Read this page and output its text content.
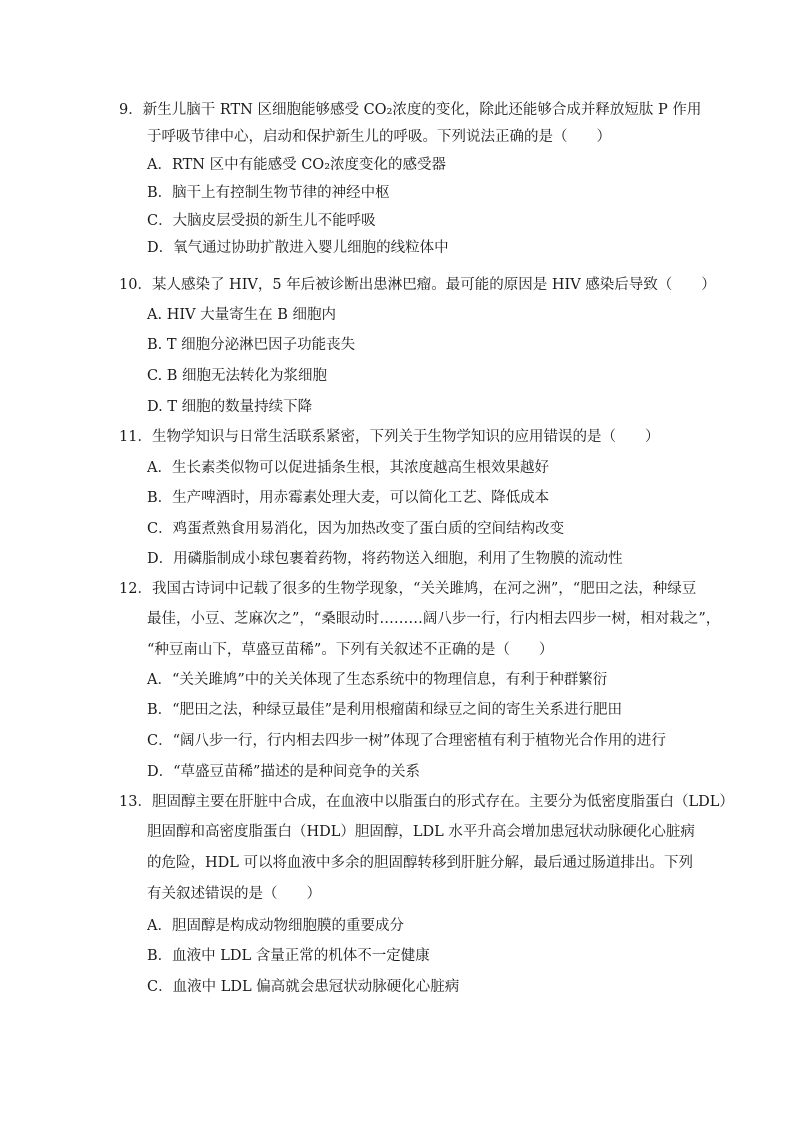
9．新生儿脑干 RTN 区细胞能够感受 CO₂浓度的变化，除此还能够合成并释放短肽 P 作用
于呼吸节律中心，启动和保护新生儿的呼吸。下列说法正确的是（　　）
A．RTN 区中有能感受 CO₂浓度变化的感受器
B．脑干上有控制生物节律的神经中枢
C．大脑皮层受损的新生儿不能呼吸
D．氧气通过协助扩散进入婴儿细胞的线粒体中
10．某人感染了 HIV，5 年后被诊断出患淋巴瘤。最可能的原因是 HIV 感染后导致（　　）
A. HIV 大量寄生在 B 细胞内
B. T 细胞分泌淋巴因子功能丧失
C. B 细胞无法转化为浆细胞
D. T 细胞的数量持续下降
11．生物学知识与日常生活联系紧密，下列关于生物学知识的应用错误的是（　　）
A．生长素类似物可以促进插条生根，其浓度越高生根效果越好
B．生产啤酒时，用赤霉素处理大麦，可以简化工艺、降低成本
C．鸡蛋煮熟食用易消化，因为加热改变了蛋白质的空间结构改变
D．用磷脂制成小球包裹着药物，将药物送入细胞，利用了生物膜的流动性
12．我国古诗词中记载了很多的生物学现象，“关关雎鸠，在河之洲”，“肥田之法，种绿豆
最佳，小豆、芝麻次之”，“桑眼动时………阔八步一行，行内相去四步一树，相对栽之”，
“种豆南山下，草盛豆苗稀”。下列有关叙述不正确的是（　　）
A．“关关雎鸠”中的关关体现了生态系统中的物理信息，有利于种群繁衍
B．“肥田之法，种绿豆最佳”是利用根瘤菌和绿豆之间的寄生关系进行肥田
C．“阔八步一行，行内相去四步一树”体现了合理密植有利于植物光合作用的进行
D．“草盛豆苗稀”描述的是种间竞争的关系
13．胆固醇主要在肝脏中合成，在血液中以脂蛋白的形式存在。主要分为低密度脂蛋白（LDL）
胆固醇和高密度脂蛋白（HDL）胆固醇，LDL 水平升高会增加患冠状动脉硬化心脏病
的危险，HDL 可以将血液中多余的胆固醇转移到肝脏分解，最后通过肠道排出。下列
有关叙述错误的是（　　）
A．胆固醇是构成动物细胞膜的重要成分
B．血液中 LDL 含量正常的机体不一定健康
C．血液中 LDL 偏高就会患冠状动脉硬化心脏病
